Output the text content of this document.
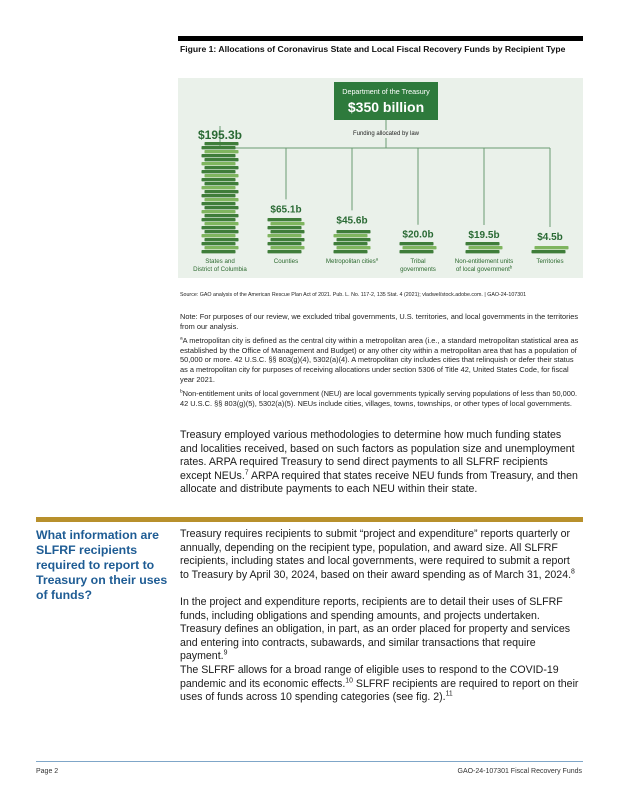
Figure 1: Allocations of Coronavirus State and Local Fiscal Recovery Funds by Recipient Type
Department of the Treasury
$350 billion
Funding allocated by law
$195.3b
States and
District of Columbia
$65.1b
Counties
$45.6b
Metropolitan cities$^a$
$20.0b
Tribal
governments
$19.5b
Non-entitlement units
of local government$^b$
$4.5b
Territories
Source: GAO analysis of the American Rescue Plan Act of 2021. Pub. L. No. 117-2, 135 Stat. 4 (2021); vladwel/stock.adobe.com. | GAO-24-107301

Note: For purposes of our review, we excluded tribal governments, U.S. territories, and local governments in the territories from our analysis.

$^a$A metropolitan city is defined as the central city within a metropolitan area (i.e., a standard metropolitan statistical area as established by the Office of Management and Budget) or any other city within a metropolitan area that has a population of 50,000 or more. 42 U.S.C. §§ 803(g)(4), 5302(a)(4). A metropolitan city includes cities that relinquish or defer their status as a metropolitan city for purposes of receiving allocations under section 5306 of Title 42, United States Code, for fiscal year 2021.

$^b$Non-entitlement units of local government (NEU) are local governments typically serving populations of less than 50,000. 42 U.S.C. §§ 803(g)(5), 5302(a)(5). NEUs include cities, villages, towns, townships, or other types of local governments.

Treasury employed various methodologies to determine how much funding states and localities received, based on such factors as population size and unemployment rates. ARPA required Treasury to send direct payments to all SLFRF recipients except NEUs.$^7$ ARPA required that states receive NEU funds from Treasury, and then allocate and distribute payments to each NEU within their state.

What information are SLFRF recipients required to report to Treasury on their uses of funds?

Treasury requires recipients to submit “project and expenditure” reports quarterly or annually, depending on the recipient type, population, and award size. All SLFRF recipients, including states and local governments, were required to submit a report to Treasury by April 30, 2024, based on their award spending as of March 31, 2024.$^8$

In the project and expenditure reports, recipients are to detail their uses of SLFRF funds, including obligations and spending amounts, and projects undertaken. Treasury defines an obligation, in part, as an order placed for property and services and entering into contracts, subawards, and similar transactions that require payment.$^9$

The SLFRF allows for a broad range of eligible uses to respond to the COVID-19 pandemic and its economic effects.$^{10}$ SLFRF recipients are required to report on their uses of funds across 10 spending categories (see fig. 2).$^{11}$

Page 2	GAO-24-107301 Fiscal Recovery Funds
